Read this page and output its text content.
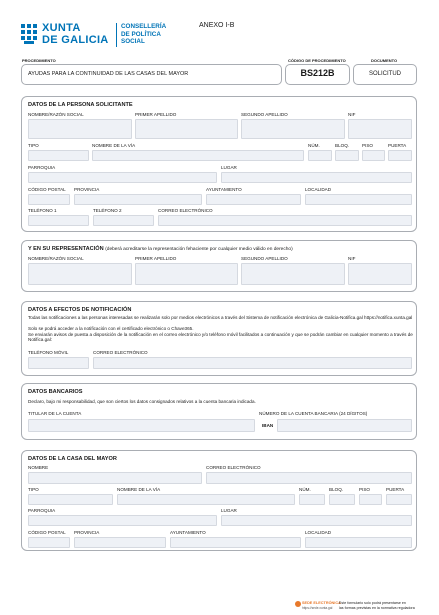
XUNTA
DE GALICIA
CONSELLERÍA
DE POLÍTICA
SOCIAL
ANEXO I-B
PROCEDIMIENTO	CÓDIGO DE PROCEDIMIENTO	DOCUMENTO
AYUDAS PARA LA CONTINUIDAD DE LAS CASAS DEL MAYOR	BS212B	SOLICITUD
DATOS DE LA PERSONA SOLICITANTE
NOMBRE/RAZÓN SOCIAL	PRIMER APELLIDO	SEGUNDO APELLIDO	NIF
TIPO	NOMBRE DE LA VÍA	NÚM.	BLOQ.	PISO	PUERTA
PARROQUIA	LUGAR
CÓDIGO POSTAL PROVINCIA	AYUNTAMIENTO	LOCALIDAD
TELÉFONO 1	TELÉFONO 2	CORREO ELECTRÓNICO
Y EN SU REPRESENTACIÓN (deberá acreditarse la representación fehaciente por cualquier medio válido en derecho)
NOMBRE/RAZÓN SOCIAL	PRIMER APELLIDO	SEGUNDO APELLIDO	NIF
DATOS A EFECTOS DE NOTIFICACIÓN
Todas las notificaciones a las personas interesadas se realizarán solo por medios electrónicos a través del Sistema de notificación electrónica de Galicia-Notifica.gal https://notifica.xunta.gal
Solo se podrá acceder a la notificación con el certificado electrónico o Chave365.
Se enviarán avisos de puesta a disposición de la notificación en el correo electrónico y/o teléfono móvil facilitados a continuación y que se podrán cambiar en cualquier momento a través de Notifica.gal:
TELÉFONO MÓVIL	CORREO ELECTRÓNICO
DATOS BANCARIOS
Declaro, bajo mi responsabilidad, que son ciertos los datos consignados relativos a la cuenta bancaria indicada.
TITULAR DE LA CUENTA	NÚMERO DE LA CUENTA BANCARIA (24 DÍGITOS)
IBAN
DATOS DE LA CASA DEL MAYOR
NOMBRE	CORREO ELECTRÓNICO
TIPO	NOMBRE DE LA VÍA	NÚM.	BLOQ.	PISO	PUERTA
PARROQUIA	LUGAR
CÓDIGO POSTAL PROVINCIA	AYUNTAMIENTO	LOCALIDAD
SEDE ELECTRÓNICA
https://sede.xunta.gal
Este formulario solo podrá presentarse en
las formas previstas en la normativa reguladora
